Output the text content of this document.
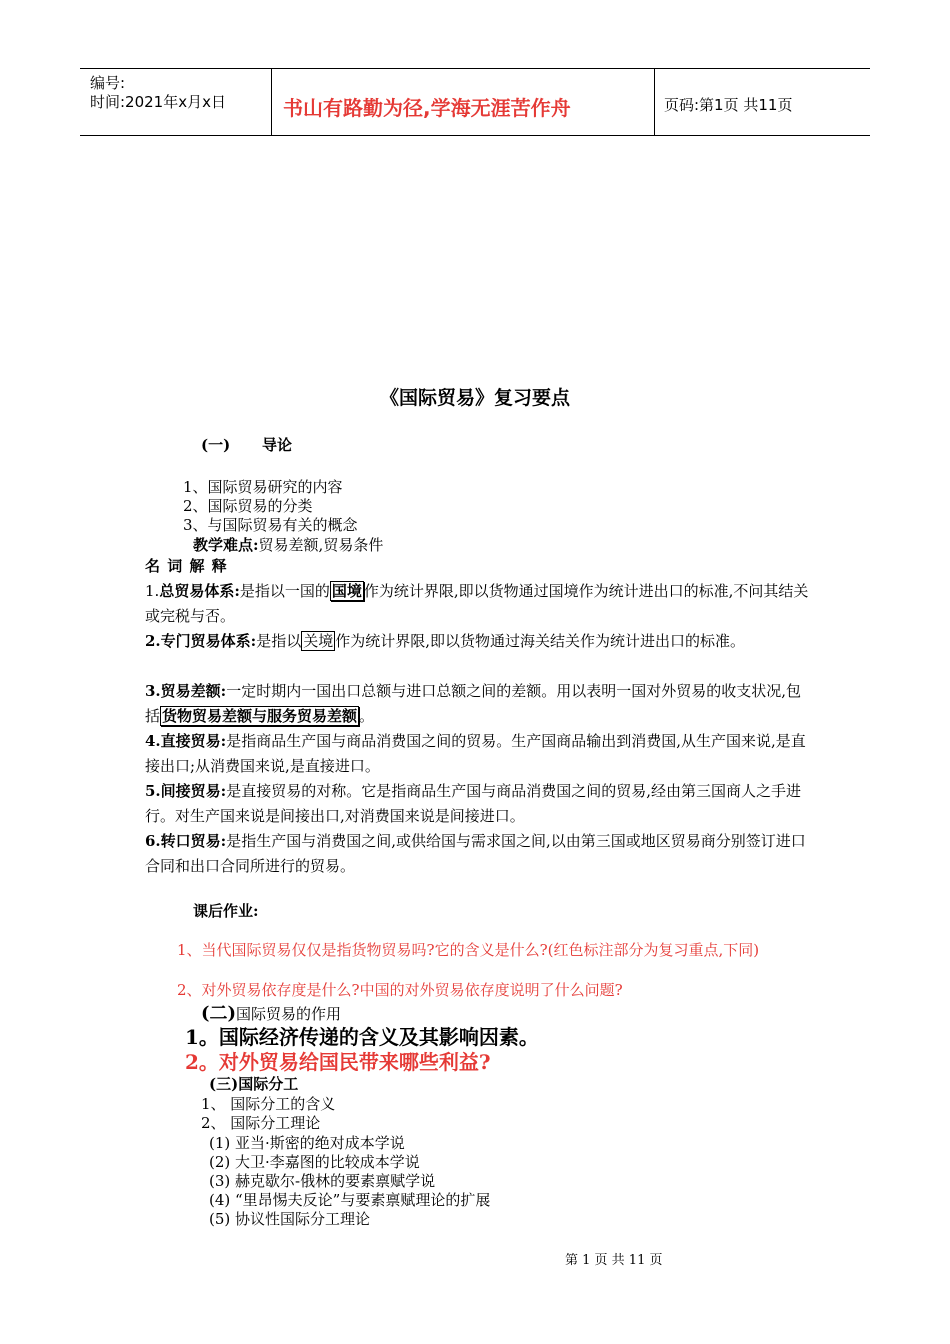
编号:
时间:2021年x月x日	书山有路勤为径,学海无涯苦作舟	页码:第1页 共11页
《国际贸易》复习要点
(一) 导论
1、国际贸易研究的内容
2、国际贸易的分类
3、与国际贸易有关的概念
教学难点:贸易差额,贸易条件
名 词 解 释
1.总贸易体系:是指以一国的 国境 作为统计界限,即以货物通过国境作为统计进出口的标准,不问其结关或完税与否。
2.专门贸易体系:是指以 关境 作为统计界限,即以货物通过海关结关作为统计进出口的标准。
3.贸易差额:一定时期内一国出口总额与进口总额之间的差额。用以表明一国对外贸易的收支状况,包括 货物贸易差额与服务贸易差额 。
4.直接贸易:是指商品生产国与商品消费国之间的贸易。生产国商品输出到消费国,从生产国来说,是直接出口;从消费国来说,是直接进口。
5.间接贸易:是直接贸易的对称。它是指商品生产国与商品消费国之间的贸易,经由第三国商人之手进行。对生产国来说是间接出口,对消费国来说是间接进口。
6.转口贸易:是指生产国与消费国之间,或供给国与需求国之间,以由第三国或地区贸易商分别签订进口合同和出口合同所进行的贸易。
课后作业:
1、当代国际贸易仅仅是指货物贸易吗?它的含义是什么?(红色标注部分为复习重点,下同)
2、对外贸易依存度是什么?中国的对外贸易依存度说明了什么问题?
(二)国际贸易的作用
1。国际经济传递的含义及其影响因素。
2。对外贸易给国民带来哪些利益?
(三)国际分工
1、 国际分工的含义
2、 国际分工理论
(1) 亚当·斯密的绝对成本学说
(2) 大卫·李嘉图的比较成本学说
(3) 赫克歇尔-俄林的要素禀赋学说
(4) “里昂惕夫反论”与要素禀赋理论的扩展
(5) 协议性国际分工理论
第 1 页 共 11 页
